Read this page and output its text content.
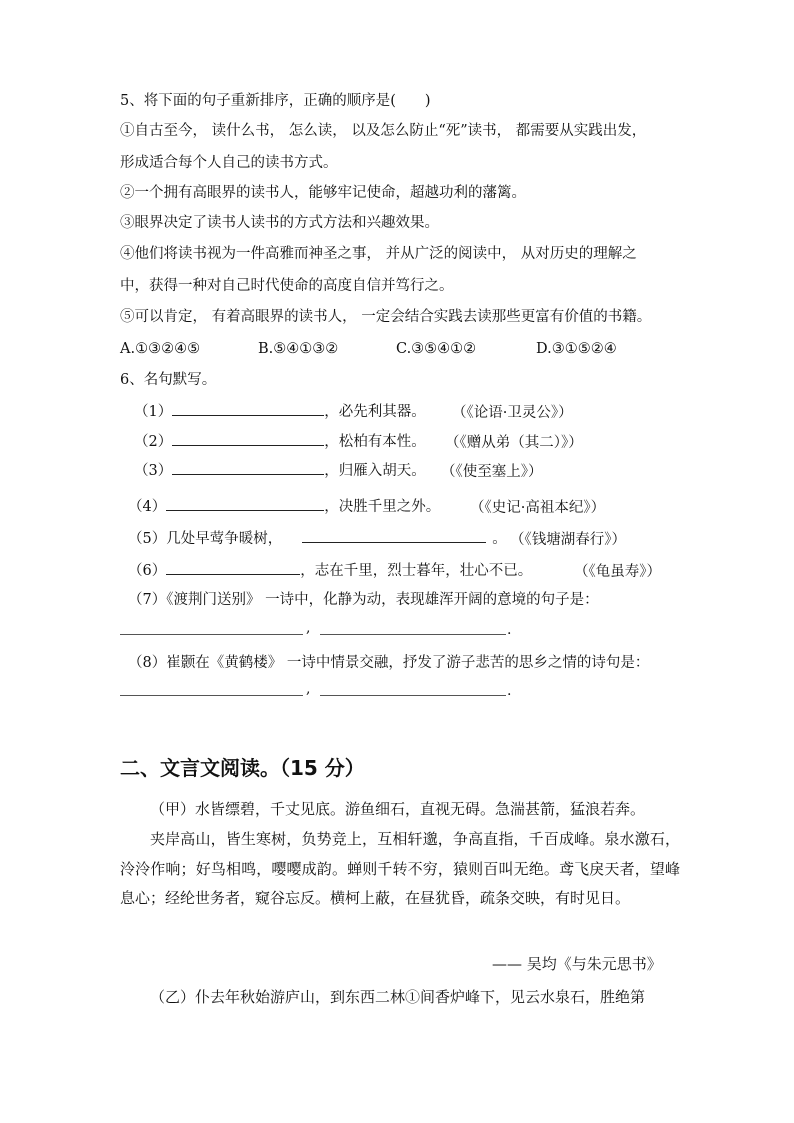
5、将下面的句子重新排序，正确的顺序是(　　)
①自古至今， 读什么书， 怎么读， 以及怎么防止“死”读书， 都需要从实践出发，
形成适合每个人自己的读书方式。
②一个拥有高眼界的读书人，能够牢记使命，超越功利的藩篱。
③眼界决定了读书人读书的方式方法和兴趣效果。
④他们将读书视为一件高雅而神圣之事， 并从广泛的阅读中， 从对历史的理解之
中，获得一种对自己时代使命的高度自信并笃行之。
⑤可以肯定， 有着高眼界的读书人， 一定会结合实践去读那些更富有价值的书籍。
A.①③②④⑤	B.⑤④①③②	C.③⑤④①②	D.③①⑤②④
6、名句默写。
（1）	，必先利其器。 （《论语·卫灵公》）
（2）	，松柏有本性。 （《赠从弟（其二）》）
（3）	，归雁入胡天。 （《使至塞上》）
（4）	，决胜千里之外。 （《史记·高祖本纪》）
（5）几处早莺争暖树，	。 （《钱塘湖春行》）
（6）	，志在千里，烈士暮年，壮心不已。	（《龟虽寿》）
（7）《渡荆门送别》 一诗中，化静为动，表现雄浑开阔的意境的句子是：
,	.
（8）崔颢在《黄鹤楼》 一诗中情景交融，抒发了游子悲苦的思乡之情的诗句是：
,	.
二、文言文阅读。（15 分）
（甲）水皆缥碧，千丈见底。游鱼细石，直视无碍。急湍甚箭，猛浪若奔。
夹岸高山，皆生寒树，负势竞上，互相轩邈，争高直指，千百成峰。泉水激石，泠泠作响；好鸟相鸣，嘤嘤成韵。蝉则千转不穷，猿则百叫无绝。鸢飞戾天者，望峰息心；经纶世务者，窥谷忘反。横柯上蔽，在昼犹昏，疏条交映，有时见日。
—— 吴均《与朱元思书》
（乙）仆去年秋始游庐山，到东西二林①间香炉峰下，见云水泉石，胜绝第
